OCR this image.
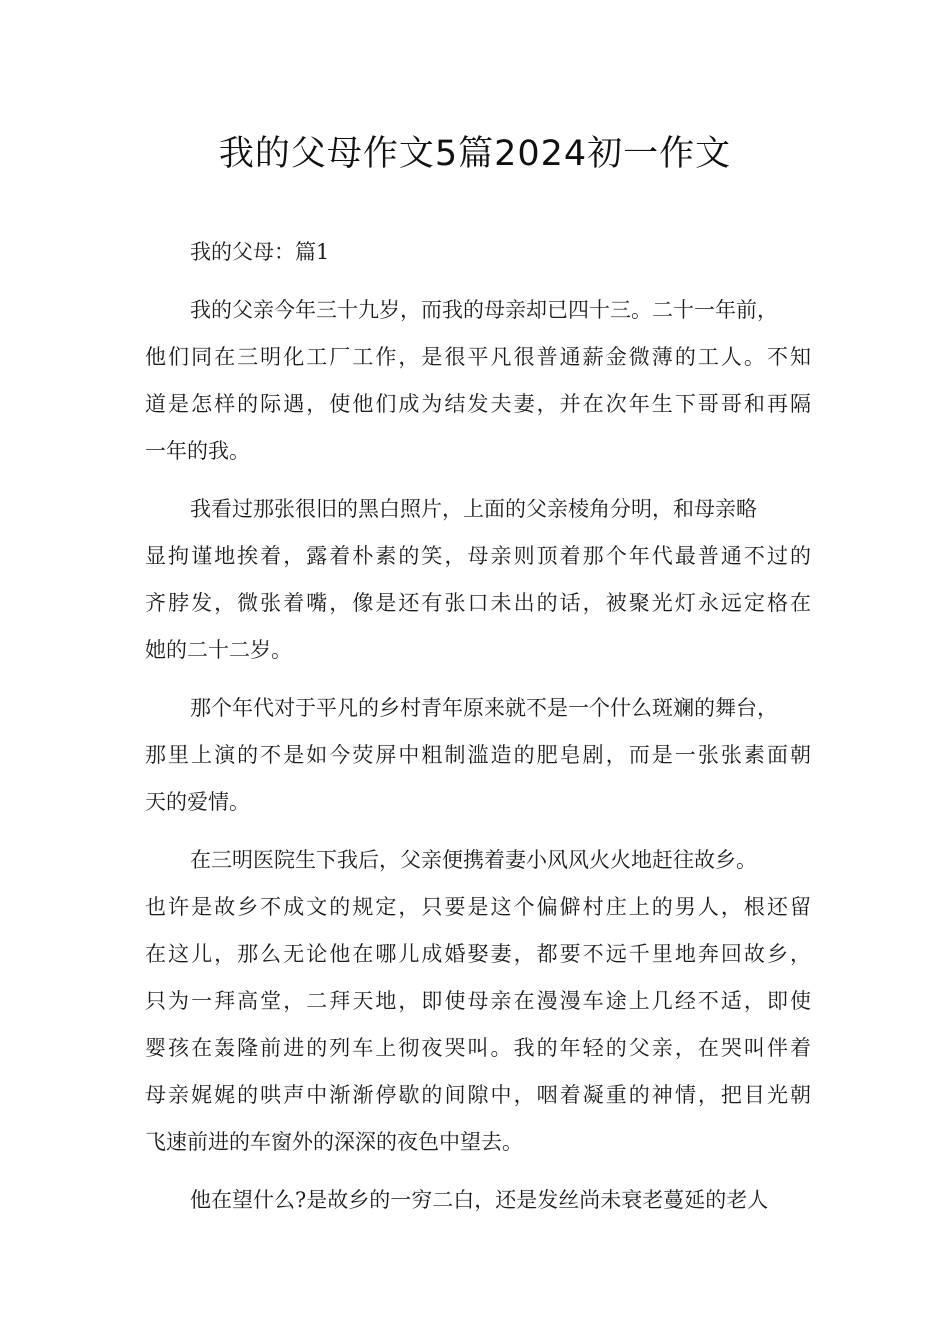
我的父母作文5篇2024初一作文
我的父母：篇1
我的父亲今年三十九岁，而我的母亲却已四十三。二十一年前，
他们同在三明化工厂工作，是很平凡很普通薪金微薄的工人。不知
道是怎样的际遇，使他们成为结发夫妻，并在次年生下哥哥和再隔
一年的我。
我看过那张很旧的黑白照片，上面的父亲棱角分明，和母亲略
显拘谨地挨着，露着朴素的笑，母亲则顶着那个年代最普通不过的
齐脖发，微张着嘴，像是还有张口未出的话，被聚光灯永远定格在
她的二十二岁。
那个年代对于平凡的乡村青年原来就不是一个什么斑斓的舞台，
那里上演的不是如今荧屏中粗制滥造的肥皂剧，而是一张张素面朝
天的爱情。
在三明医院生下我后，父亲便携着妻小风风火火地赶往故乡。
也许是故乡不成文的规定，只要是这个偏僻村庄上的男人，根还留
在这儿，那么无论他在哪儿成婚娶妻，都要不远千里地奔回故乡，
只为一拜高堂，二拜天地，即使母亲在漫漫车途上几经不适，即使
婴孩在轰隆前进的列车上彻夜哭叫。我的年轻的父亲，在哭叫伴着
母亲娓娓的哄声中渐渐停歇的间隙中，咽着凝重的神情，把目光朝
飞速前进的车窗外的深深的夜色中望去。
他在望什么?是故乡的一穷二白，还是发丝尚未衰老蔓延的老人
